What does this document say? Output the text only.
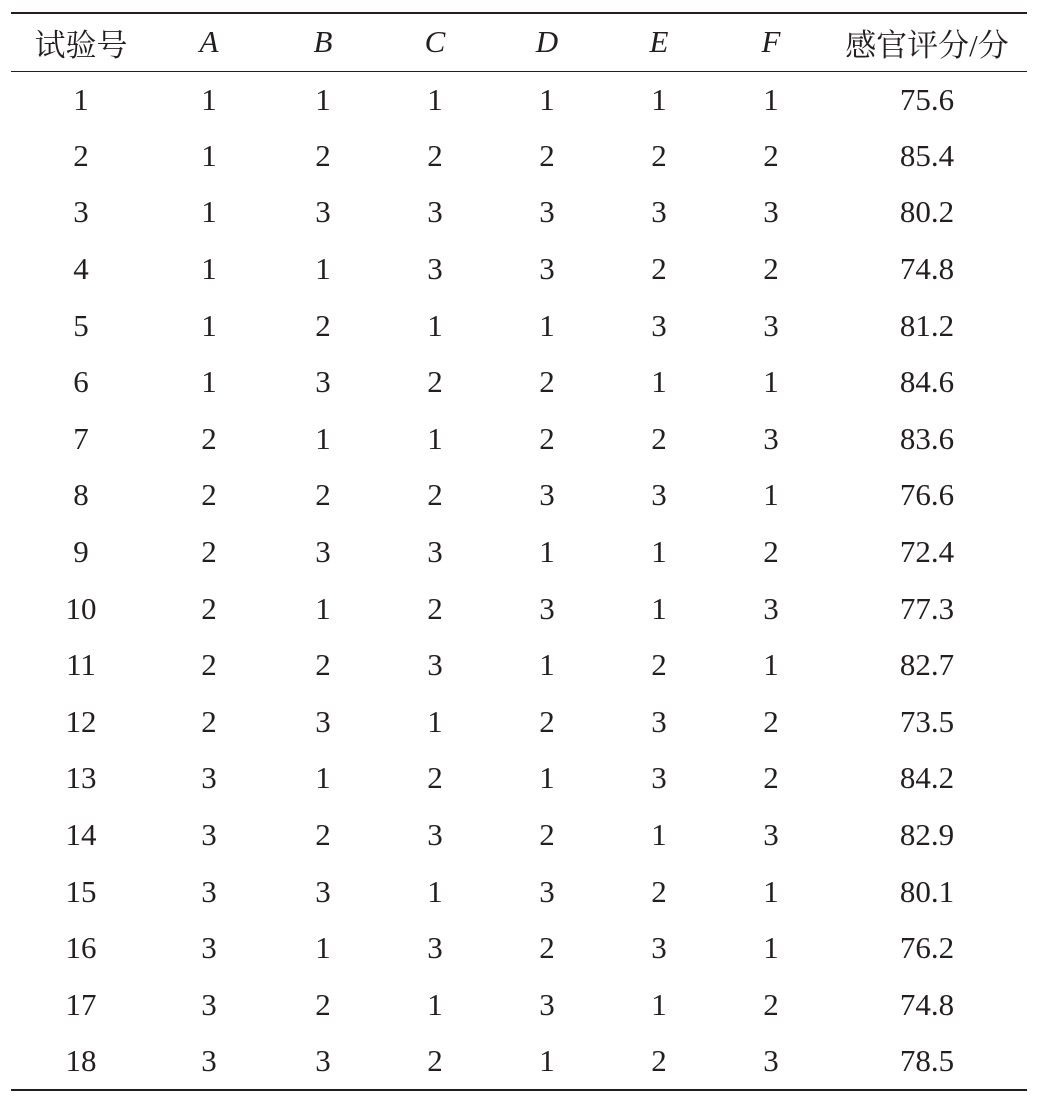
试验号	A	B	C	D	E	F	感官评分/分
1	1	1	1	1	1	1	75.6
2	1	2	2	2	2	2	85.4
3	1	3	3	3	3	3	80.2
4	1	1	3	3	2	2	74.8
5	1	2	1	1	3	3	81.2
6	1	3	2	2	1	1	84.6
7	2	1	1	2	2	3	83.6
8	2	2	2	3	3	1	76.6
9	2	3	3	1	1	2	72.4
10	2	1	2	3	1	3	77.3
11	2	2	3	1	2	1	82.7
12	2	3	1	2	3	2	73.5
13	3	1	2	1	3	2	84.2
14	3	2	3	2	1	3	82.9
15	3	3	1	3	2	1	80.1
16	3	1	3	2	3	1	76.2
17	3	2	1	3	1	2	74.8
18	3	3	2	1	2	3	78.5
